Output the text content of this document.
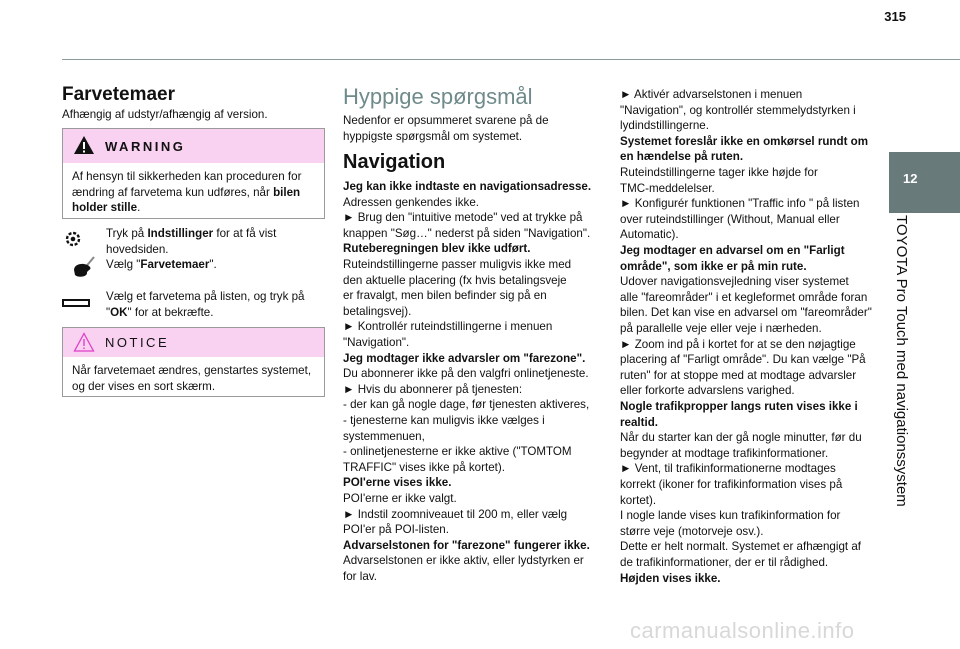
315
12
TOYOTA Pro Touch med navigationssystem
Farvetemaer
Afhængig af udstyr/afhængig af version.
WARNING
Af hensyn til sikkerheden kan proceduren for ændring af farvetema kun udføres, når bilen holder stille.
Tryk på Indstillinger for at få vist hovedsiden.
Vælg "Farvetemaer".
Vælg et farvetema på listen, og tryk på "OK" for at bekræfte.
NOTICE
Når farvetemaet ændres, genstartes systemet, og der vises en sort skærm.
Hyppige spørgsmål
Nedenfor er opsummeret svarene på de
hyppigste spørgsmål om systemet.
Navigation
Jeg kan ikke indtaste en navigationsadresse.
Adressen genkendes ikke.
► Brug den "intuitive metode" ved at trykke på
knappen "Søg…" nederst på siden "Navigation".
Ruteberegningen blev ikke udført.
Ruteindstillingerne passer muligvis ikke med
den aktuelle placering (fx hvis betalingsveje
er fravalgt, men bilen befinder sig på en
betalingsvej).
► Kontrollér ruteindstillingerne i menuen
"Navigation".
Jeg modtager ikke advarsler om "farezone".
Du abonnerer ikke på den valgfri onlinetjeneste.
► Hvis du abonnerer på tjenesten:
- der kan gå nogle dage, før tjenesten aktiveres,
- tjenesterne kan muligvis ikke vælges i
systemmenuen,
- onlinetjenesterne er ikke aktive ("TOMTOM
TRAFFIC" vises ikke på kortet).
POI'erne vises ikke.
POI'erne er ikke valgt.
► Indstil zoomniveauet til 200 m, eller vælg
POI'er på POI-listen.
Advarselstonen for "farezone" fungerer ikke.
Advarselstonen er ikke aktiv, eller lydstyrken er
for lav.
► Aktivér advarselstonen i menuen
"Navigation", og kontrollér stemmelydstyrken i
lydindstillingerne.
Systemet foreslår ikke en omkørsel rundt om
en hændelse på ruten.
Ruteindstillingerne tager ikke højde for
TMC-meddelelser.
► Konfigurér funktionen "Traffic info " på listen
over ruteindstillinger (Without, Manual eller
Automatic).
Jeg modtager en advarsel om en "Farligt
område", som ikke er på min rute.
Udover navigationsvejledning viser systemet
alle "fareområder" i et kegleformet område foran
bilen. Det kan vise en advarsel om "fareområder"
på parallelle veje eller veje i nærheden.
► Zoom ind på i kortet for at se den nøjagtige
placering af "Farligt område". Du kan vælge "På
ruten" for at stoppe med at modtage advarsler
eller forkorte advarslens varighed.
Nogle trafikpropper langs ruten vises ikke i
realtid.
Når du starter kan der gå nogle minutter, før du
begynder at modtage trafikinformationer.
► Vent, til trafikinformationerne modtages
korrekt (ikoner for trafikinformation vises på
kortet).
I nogle lande vises kun trafikinformation for
større veje (motorveje osv.).
Dette er helt normalt. Systemet er afhængigt af
de trafikinformationer, der er til rådighed.
Højden vises ikke.
carmanualsonline.info
